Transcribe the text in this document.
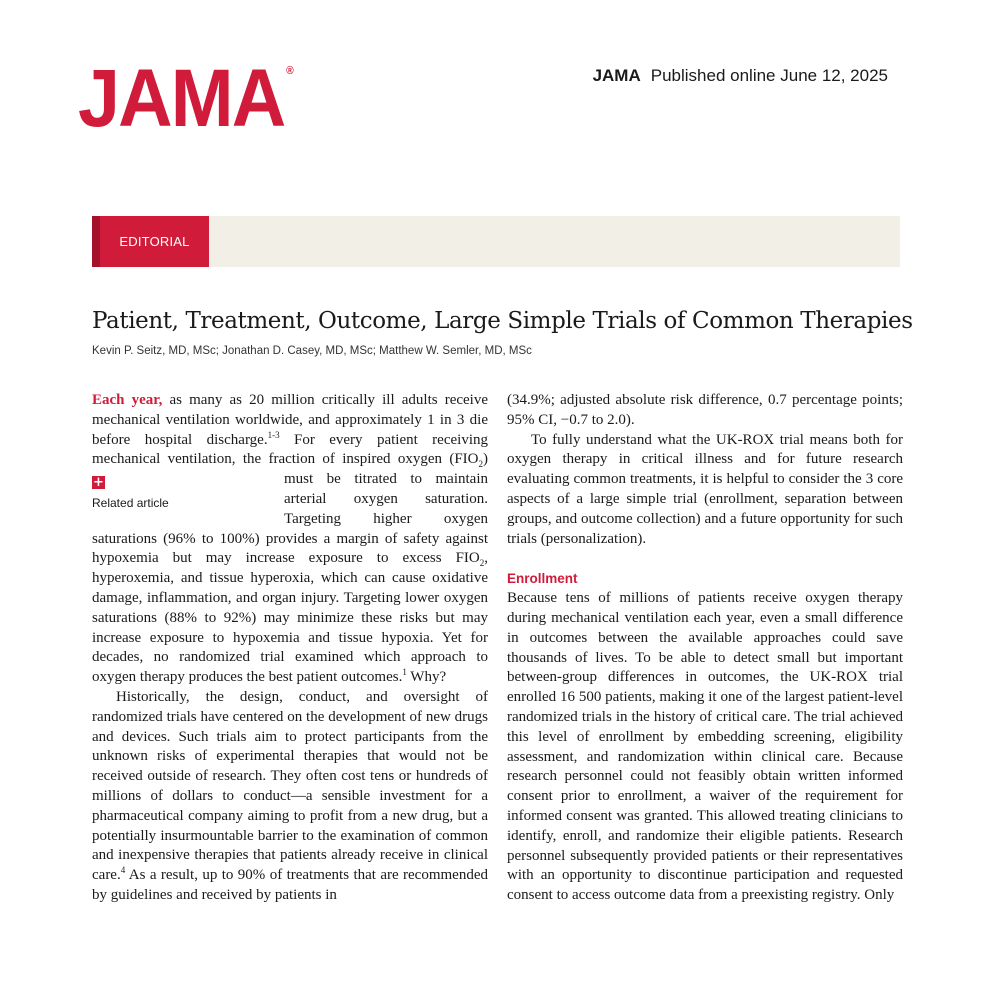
JAMA ®	JAMA Published online June 12, 2025
EDITORIAL
Patient, Treatment, Outcome, Large Simple Trials of Common Therapies
Kevin P. Seitz, MD, MSc; Jonathan D. Casey, MD, MSc; Matthew W. Semler, MD, MSc

Each year, as many as 20 million critically ill adults receive mechanical ventilation worldwide, and approximately 1 in 3 die before hospital discharge.$^{1-3}$ For every patient receiving mechanical ventilation, the fraction of inspired oxygen ($FIO_2$
+
Related article
) must be titrated to maintain arterial oxygen saturation. Targeting higher oxygen saturations (96% to 100%) provides a margin of safety against hypoxemia but may increase exposure to excess $FIO_2$, hyperoxemia, and tissue hyperoxia, which can cause oxidative damage, inflammation, and organ injury. Targeting lower oxygen saturations (88% to 92%) may minimize these risks but may increase exposure to hypoxemia and tissue hypoxia. Yet for decades, no randomized trial examined which approach to oxygen therapy produces the best patient outcomes.$^1$ Why?

Historically, the design, conduct, and oversight of randomized trials have centered on the development of new drugs and devices. Such trials aim to protect participants from the unknown risks of experimental therapies that would not be received outside of research. They often cost tens or hundreds of millions of dollars to conduct—a sensible investment for a pharmaceutical company aiming to profit from a new drug, but a potentially insurmountable barrier to the examination of common and inexpensive therapies that patients already receive in clinical care.$^4$ As a result, up to 90% of treatments that are recommended by guidelines and received by patients in

(34.9%; adjusted absolute risk difference, 0.7 percentage points; 95% CI, −0.7 to 2.0).

To fully understand what the UK-ROX trial means both for oxygen therapy in critical illness and for future research evaluating common treatments, it is helpful to consider the 3 core aspects of a large simple trial (enrollment, separation between groups, and outcome collection) and a future opportunity for such trials (personalization).

Enrollment

Because tens of millions of patients receive oxygen therapy during mechanical ventilation each year, even a small difference in outcomes between the available approaches could save thousands of lives. To be able to detect small but important between-group differences in outcomes, the UK-ROX trial enrolled 16 500 patients, making it one of the largest patient-level randomized trials in the history of critical care. The trial achieved this level of enrollment by embedding screening, eligibility assessment, and randomization within clinical care. Because research personnel could not feasibly obtain written informed consent prior to enrollment, a waiver of the requirement for informed consent was granted. This allowed treating clinicians to identify, enroll, and randomize their eligible patients. Research personnel subsequently provided patients or their representatives with an opportunity to discontinue participation and requested consent to access outcome data from a preexisting registry. Only
